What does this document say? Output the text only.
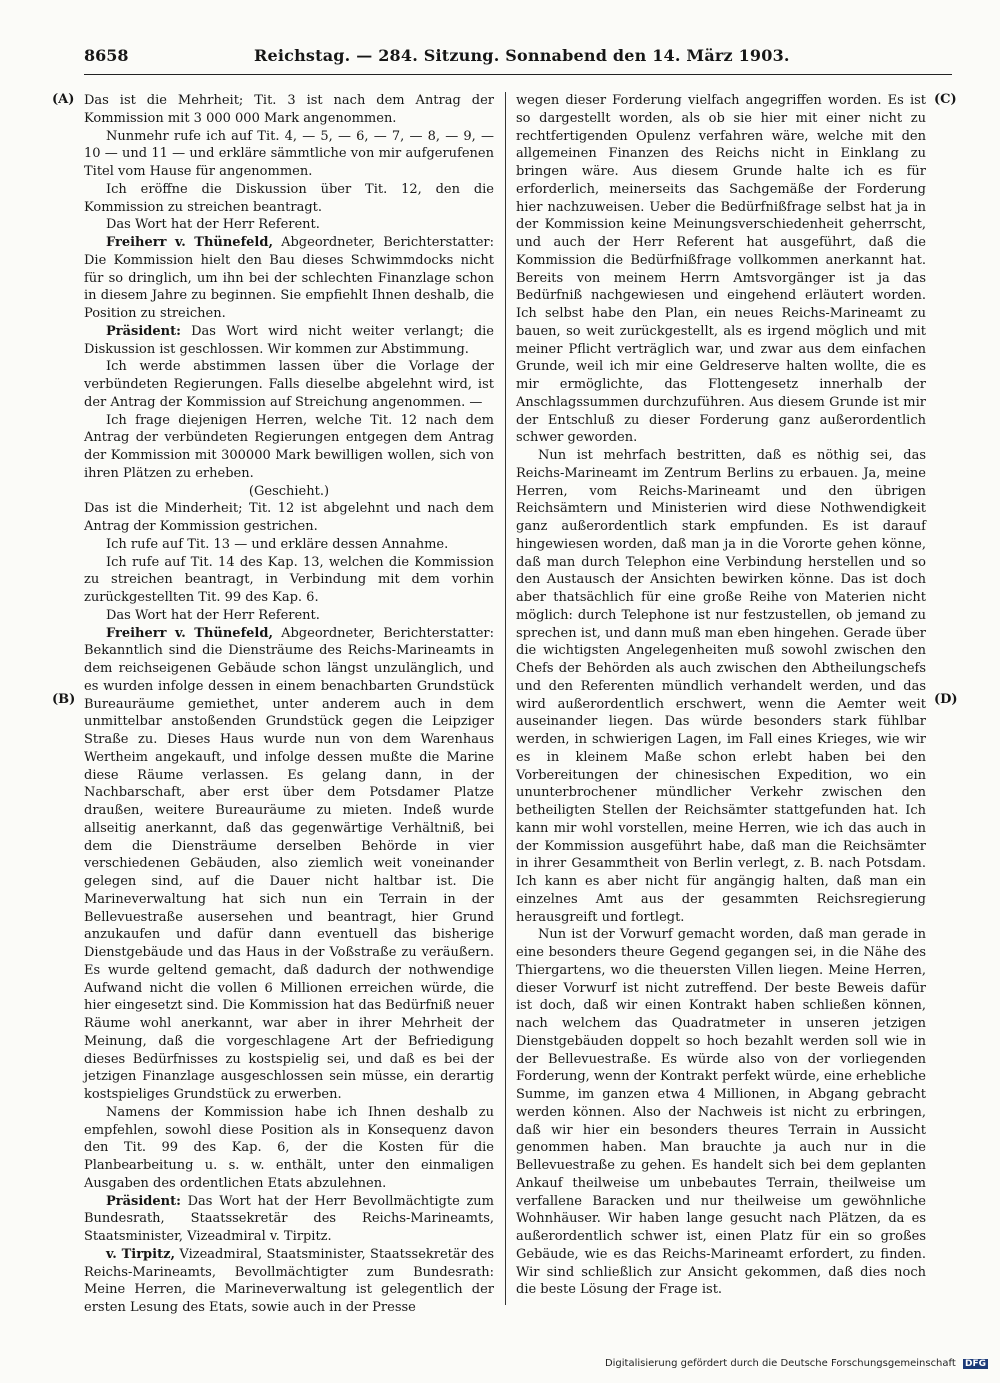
8658	Reichstag. — 284. Sitzung. Sonnabend den 14. März 1903.
(A)
(B)
(C)
(D)

Das ist die Mehrheit; Tit. 3 ist nach dem Antrag der Kommission mit 3 000 000 Mark angenommen.

Nunmehr rufe ich auf Tit. 4, — 5, — 6, — 7, — 8, — 9, — 10 — und 11 — und erkläre sämmtliche von mir aufgerufenen Titel vom Hause für angenommen.

Ich eröffne die Diskussion über Tit. 12, den die Kommission zu streichen beantragt.

Das Wort hat der Herr Referent.

Freiherr v. Thünefeld, Abgeordneter, Berichterstatter: Die Kommission hielt den Bau dieses Schwimmdocks nicht für so dringlich, um ihn bei der schlechten Finanzlage schon in diesem Jahre zu beginnen. Sie empfiehlt Ihnen deshalb, die Position zu streichen.

Präsident: Das Wort wird nicht weiter verlangt; die Diskussion ist geschlossen. Wir kommen zur Abstimmung.

Ich werde abstimmen lassen über die Vorlage der verbündeten Regierungen. Falls dieselbe abgelehnt wird, ist der Antrag der Kommission auf Streichung angenommen. —

Ich frage diejenigen Herren, welche Tit. 12 nach dem Antrag der verbündeten Regierungen entgegen dem Antrag der Kommission mit 300000 Mark bewilligen wollen, sich von ihren Plätzen zu erheben.

(Geschieht.)

Das ist die Minderheit; Tit. 12 ist abgelehnt und nach dem Antrag der Kommission gestrichen.

Ich rufe auf Tit. 13 — und erkläre dessen Annahme.

Ich rufe auf Tit. 14 des Kap. 13, welchen die Kommission zu streichen beantragt, in Verbindung mit dem vorhin zurückgestellten Tit. 99 des Kap. 6.

Das Wort hat der Herr Referent.

Freiherr v. Thünefeld, Abgeordneter, Berichterstatter: Bekanntlich sind die Diensträume des Reichs-Marineamts in dem reichseigenen Gebäude schon längst unzulänglich, und es wurden infolge dessen in einem benachbarten Grundstück Bureauräume gemiethet, unter anderem auch in dem unmittelbar anstoßenden Grundstück gegen die Leipziger Straße zu. Dieses Haus wurde nun von dem Warenhaus Wertheim angekauft, und infolge dessen mußte die Marine diese Räume verlassen. Es gelang dann, in der Nachbarschaft, aber erst über dem Potsdamer Platze draußen, weitere Bureauräume zu mieten. Indeß wurde allseitig anerkannt, daß das gegenwärtige Verhältniß, bei dem die Diensträume derselben Behörde in vier verschiedenen Gebäuden, also ziemlich weit voneinander gelegen sind, auf die Dauer nicht haltbar ist. Die Marineverwaltung hat sich nun ein Terrain in der Bellevuestraße ausersehen und beantragt, hier Grund anzukaufen und dafür dann eventuell das bisherige Dienstgebäude und das Haus in der Voßstraße zu veräußern. Es wurde geltend gemacht, daß dadurch der nothwendige Aufwand nicht die vollen 6 Millionen erreichen würde, die hier eingesetzt sind. Die Kommission hat das Bedürfniß neuer Räume wohl anerkannt, war aber in ihrer Mehrheit der Meinung, daß die vorgeschlagene Art der Befriedigung dieses Bedürfnisses zu kostspielig sei, und daß es bei der jetzigen Finanzlage ausgeschlossen sein müsse, ein derartig kostspieliges Grundstück zu erwerben.

Namens der Kommission habe ich Ihnen deshalb zu empfehlen, sowohl diese Position als in Konsequenz davon den Tit. 99 des Kap. 6, der die Kosten für die Planbearbeitung u. s. w. enthält, unter den einmaligen Ausgaben des ordentlichen Etats abzulehnen.

Präsident: Das Wort hat der Herr Bevollmächtigte zum Bundesrath, Staatssekretär des Reichs-Marineamts, Staatsminister, Vizeadmiral v. Tirpitz.

v. Tirpitz, Vizeadmiral, Staatsminister, Staatssekretär des Reichs-Marineamts, Bevollmächtigter zum Bundesrath: Meine Herren, die Marineverwaltung ist gelegentlich der ersten Lesung des Etats, sowie auch in der Presse

wegen dieser Forderung vielfach angegriffen worden. Es ist so dargestellt worden, als ob sie hier mit einer nicht zu rechtfertigenden Opulenz verfahren wäre, welche mit den allgemeinen Finanzen des Reichs nicht in Einklang zu bringen wäre. Aus diesem Grunde halte ich es für erforderlich, meinerseits das Sachgemäße der Forderung hier nachzuweisen. Ueber die Bedürfnißfrage selbst hat ja in der Kommission keine Meinungsverschiedenheit geherrscht, und auch der Herr Referent hat ausgeführt, daß die Kommission die Bedürfnißfrage vollkommen anerkannt hat. Bereits von meinem Herrn Amtsvorgänger ist ja das Bedürfniß nachgewiesen und eingehend erläutert worden. Ich selbst habe den Plan, ein neues Reichs-Marineamt zu bauen, so weit zurückgestellt, als es irgend möglich und mit meiner Pflicht verträglich war, und zwar aus dem einfachen Grunde, weil ich mir eine Geldreserve halten wollte, die es mir ermöglichte, das Flottengesetz innerhalb der Anschlagssummen durchzuführen. Aus diesem Grunde ist mir der Entschluß zu dieser Forderung ganz außerordentlich schwer geworden.

Nun ist mehrfach bestritten, daß es nöthig sei, das Reichs-Marineamt im Zentrum Berlins zu erbauen. Ja, meine Herren, vom Reichs-Marineamt und den übrigen Reichsämtern und Ministerien wird diese Nothwendigkeit ganz außerordentlich stark empfunden. Es ist darauf hingewiesen worden, daß man ja in die Vororte gehen könne, daß man durch Telephon eine Verbindung herstellen und so den Austausch der Ansichten bewirken könne. Das ist doch aber thatsächlich für eine große Reihe von Materien nicht möglich: durch Telephone ist nur festzustellen, ob jemand zu sprechen ist, und dann muß man eben hingehen. Gerade über die wichtigsten Angelegenheiten muß sowohl zwischen den Chefs der Behörden als auch zwischen den Abtheilungschefs und den Referenten mündlich verhandelt werden, und das wird außerordentlich erschwert, wenn die Aemter weit auseinander liegen. Das würde besonders stark fühlbar werden, in schwierigen Lagen, im Fall eines Krieges, wie wir es in kleinem Maße schon erlebt haben bei den Vorbereitungen der chinesischen Expedition, wo ein ununterbrochener mündlicher Verkehr zwischen den betheiligten Stellen der Reichsämter stattgefunden hat. Ich kann mir wohl vorstellen, meine Herren, wie ich das auch in der Kommission ausgeführt habe, daß man die Reichsämter in ihrer Gesammtheit von Berlin verlegt, z. B. nach Potsdam. Ich kann es aber nicht für angängig halten, daß man ein einzelnes Amt aus der gesammten Reichsregierung herausgreift und fortlegt.

Nun ist der Vorwurf gemacht worden, daß man gerade in eine besonders theure Gegend gegangen sei, in die Nähe des Thiergartens, wo die theuersten Villen liegen. Meine Herren, dieser Vorwurf ist nicht zutreffend. Der beste Beweis dafür ist doch, daß wir einen Kontrakt haben schließen können, nach welchem das Quadratmeter in unseren jetzigen Dienstgebäuden doppelt so hoch bezahlt werden soll wie in der Bellevuestraße. Es würde also von der vorliegenden Forderung, wenn der Kontrakt perfekt würde, eine erhebliche Summe, im ganzen etwa 4 Millionen, in Abgang gebracht werden können. Also der Nachweis ist nicht zu erbringen, daß wir hier ein besonders theures Terrain in Aussicht genommen haben. Man brauchte ja auch nur in die Bellevuestraße zu gehen. Es handelt sich bei dem geplanten Ankauf theilweise um unbebautes Terrain, theilweise um verfallene Baracken und nur theilweise um gewöhnliche Wohnhäuser. Wir haben lange gesucht nach Plätzen, da es außerordentlich schwer ist, einen Platz für ein so großes Gebäude, wie es das Reichs-Marineamt erfordert, zu finden. Wir sind schließlich zur Ansicht gekommen, daß dies noch die beste Lösung der Frage ist.

Digitalisierung gefördert durch die Deutsche Forschungsgemeinschaft DFG
